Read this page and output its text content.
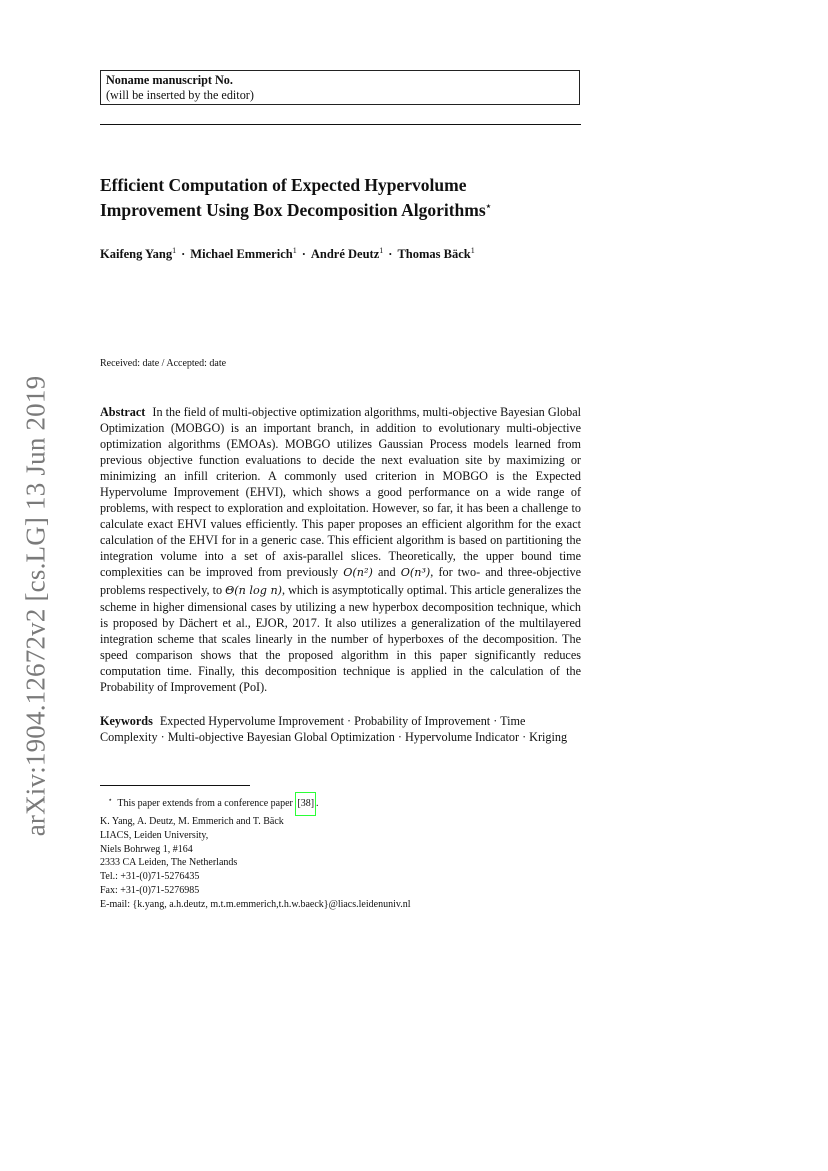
arXiv:1904.12672v2 [cs.LG] 13 Jun 2019
Noname manuscript No.
(will be inserted by the editor)
Efficient Computation of Expected Hypervolume
Improvement Using Box Decomposition Algorithms⋆
Kaifeng Yang$^1$ · Michael Emmerich$^1$ · André Deutz$^1$ · Thomas Bäck$^1$
Received: date / Accepted: date
Abstract In the field of multi-objective optimization algorithms, multi-objective Bayesian Global Optimization (MOBGO) is an important branch, in addition to evolutionary multi-objective optimization algorithms (EMOAs). MOBGO utilizes Gaussian Process models learned from previous objective function evaluations to decide the next evaluation site by maximizing or minimizing an infill criterion. A commonly used criterion in MOBGO is the Expected Hypervolume Improvement (EHVI), which shows a good performance on a wide range of problems, with respect to exploration and exploitation. However, so far, it has been a challenge to calculate exact EHVI values efficiently. This paper proposes an efficient algorithm for the exact calculation of the EHVI for in a generic case. This efficient algorithm is based on partitioning the integration volume into a set of axis-parallel slices. Theoretically, the upper bound time complexities can be improved from previously O(n²) and O(n³), for two- and three-objective problems respectively, to Θ(n log n), which is asymptotically optimal. This article generalizes the scheme in higher dimensional cases by utilizing a new hyperbox decomposition technique, which is proposed by Dächert et al., EJOR, 2017. It also utilizes a generalization of the multilayered integration scheme that scales linearly in the number of hyperboxes of the decomposition. The speed comparison shows that the proposed algorithm in this paper significantly reduces computation time. Finally, this decomposition technique is applied in the calculation of the Probability of Improvement (PoI).
Keywords Expected Hypervolume Improvement · Probability of Improvement · Time Complexity · Multi-objective Bayesian Global Optimization · Hypervolume Indicator · Kriging
⋆ This paper extends from a conference paper [38] .
K. Yang, A. Deutz, M. Emmerich and T. Bäck
LIACS, Leiden University,
Niels Bohrweg 1, #164
2333 CA Leiden, The Netherlands
Tel.: +31-(0)71-5276435
Fax: +31-(0)71-5276985
E-mail: {k.yang, a.h.deutz, m.t.m.emmerich,t.h.w.baeck}@liacs.leidenuniv.nl
